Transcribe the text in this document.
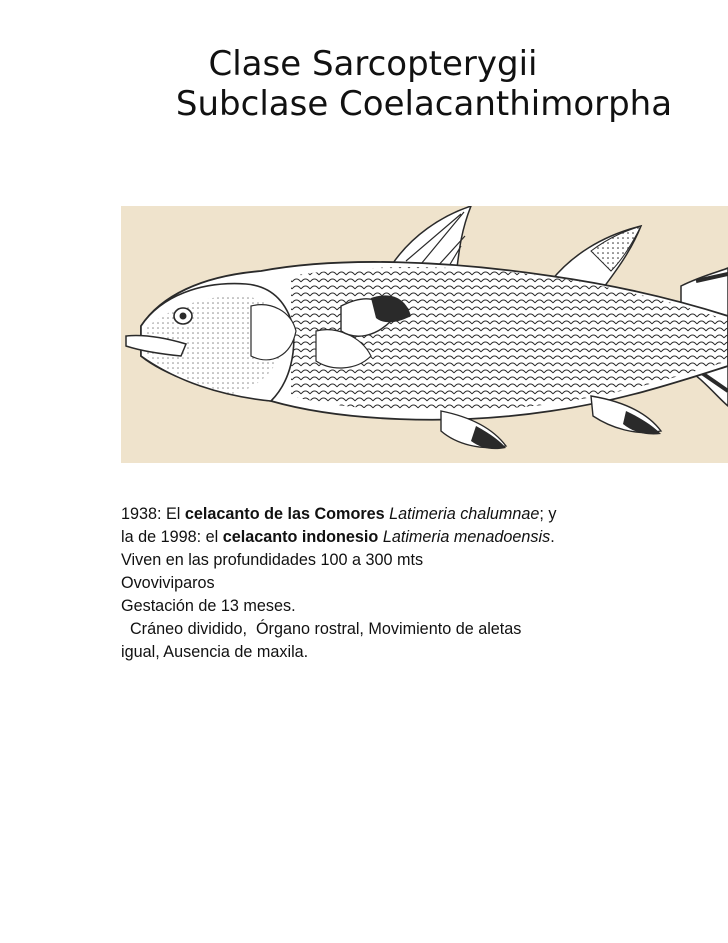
Clase Sarcopterygii
Subclase Coelacanthimorpha
1938: El celacanto de las Comores Latimeria chalumnae; y
la de 1998: el celacanto indonesio Latimeria menadoensis.
Viven en las profundidades 100 a 300 mts
Ovoviviparos
Gestación de 13 meses.
Cráneo dividido,  Órgano rostral, Movimiento de aletas
igual, Ausencia de maxila.
